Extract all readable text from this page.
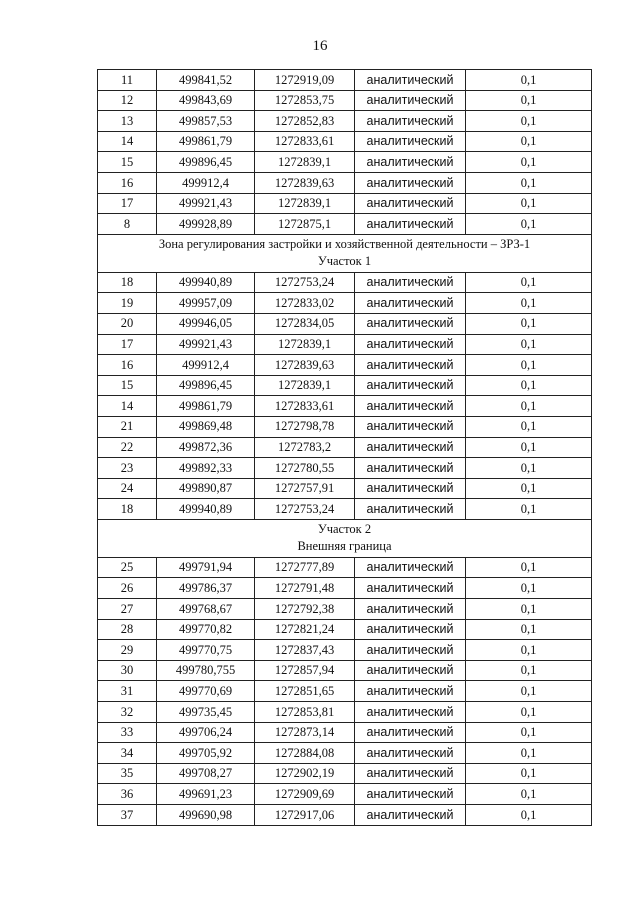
16
11	499841,52	1272919,09	аналитический	0,1
12	499843,69	1272853,75	аналитический	0,1
13	499857,53	1272852,83	аналитический	0,1
14	499861,79	1272833,61	аналитический	0,1
15	499896,45	1272839,1	аналитический	0,1
16	499912,4	1272839,63	аналитический	0,1
17	499921,43	1272839,1	аналитический	0,1
8	499928,89	1272875,1	аналитический	0,1

Зона регулирования застройки и хозяйственной деятельности – ЗРЗ-1
Участок 1				

18	499940,89	1272753,24	аналитический	0,1
19	499957,09	1272833,02	аналитический	0,1
20	499946,05	1272834,05	аналитический	0,1
17	499921,43	1272839,1	аналитический	0,1
16	499912,4	1272839,63	аналитический	0,1
15	499896,45	1272839,1	аналитический	0,1
14	499861,79	1272833,61	аналитический	0,1
21	499869,48	1272798,78	аналитический	0,1
22	499872,36	1272783,2	аналитический	0,1
23	499892,33	1272780,55	аналитический	0,1
24	499890,87	1272757,91	аналитический	0,1
18	499940,89	1272753,24	аналитический	0,1

Участок 2
Внешняя граница				

25	499791,94	1272777,89	аналитический	0,1
26	499786,37	1272791,48	аналитический	0,1
27	499768,67	1272792,38	аналитический	0,1
28	499770,82	1272821,24	аналитический	0,1
29	499770,75	1272837,43	аналитический	0,1
30	499780,755	1272857,94	аналитический	0,1
31	499770,69	1272851,65	аналитический	0,1
32	499735,45	1272853,81	аналитический	0,1
33	499706,24	1272873,14	аналитический	0,1
34	499705,92	1272884,08	аналитический	0,1
35	499708,27	1272902,19	аналитический	0,1
36	499691,23	1272909,69	аналитический	0,1
37	499690,98	1272917,06	аналитический	0,1
